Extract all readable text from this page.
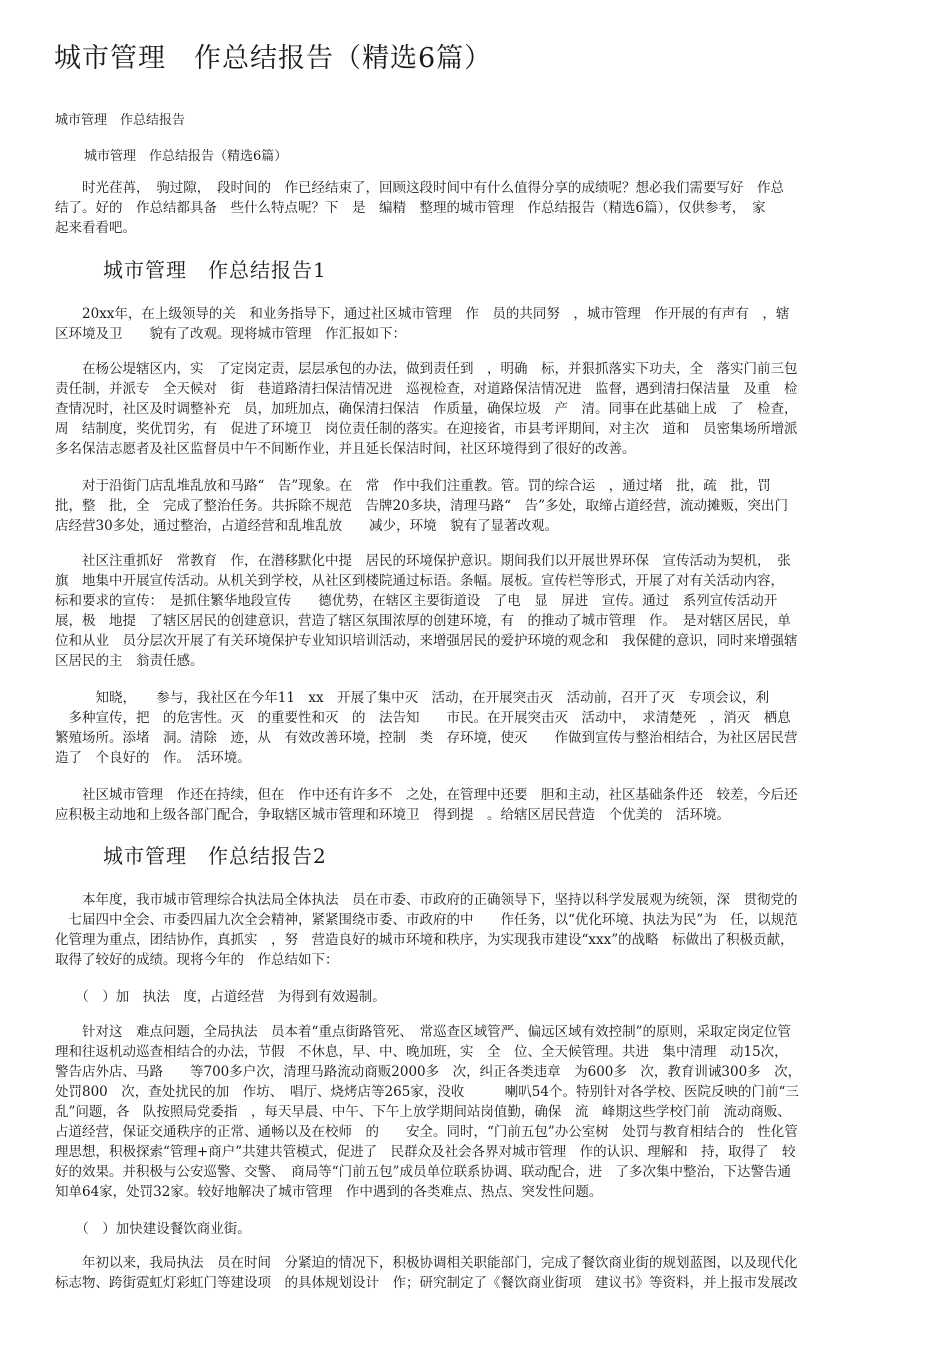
城市管理　作总结报告（精选6篇）
城市管理　作总结报告
城市管理　作总结报告（精选6篇）
　　时光荏苒，　驹过隙，　段时间的　作已经结束了，回顾这段时间中有什么值得分享的成绩呢？想必我们需要写好　作总
结了。好的　作总结都具备　些什么特点呢？下　是　编精　整理的城市管理　作总结报告（精选6篇），仅供参考，　家
起来看看吧。
城市管理　作总结报告1
　　20xx年，在上级领导的关　和业务指导下，通过社区城市管理　作　员的共同努　，城市管理　作开展的有声有　，辖
区环境及卫　　貌有了改观。现将城市管理　作汇报如下：
　　在杨公堤辖区内，实　了定岗定责，层层承包的办法，做到责任到　，明确　标，并狠抓落实下功夫，全　落实门前三包
责任制，并派专　全天候对　街　巷道路清扫保洁情况进　巡视检查，对道路保洁情况进　监督，遇到清扫保洁量　及重　检
查情况时，社区及时调整补充　员，加班加点，确保清扫保洁　作质量，确保垃圾　产　清。同事在此基础上成　了　检查，
周　结制度，奖优罚劣，有　促进了环境卫　岗位责任制的落实。在迎接省，市县考评期间，对主次　道和　员密集场所增派
多名保洁志愿者及社区监督员中午不间断作业，并且延长保洁时间，社区环境得到了很好的改善。
　　对于沿街门店乱堆乱放和马路“　告”现象。在　常　作中我们注重教。管。罚的综合运　，通过堵　批，疏　批，罚
批，整　批，全　完成了整治任务。共拆除不规范　告牌20多块，清理马路“　告”多处，取缔占道经营，流动摊贩，突出门
店经营30多处，通过整治，占道经营和乱堆乱放　　减少，环境　貌有了显著改观。
　　社区注重抓好　常教育　作，在潜移默化中提　居民的环境保护意识。期间我们以开展世界环保　宣传活动为契机，　张
旗　地集中开展宣传活动。从机关到学校，从社区到楼院通过标语。条幅。展板。宣传栏等形式，开展了对有关活动内容，
标和要求的宣传：　是抓住繁华地段宣传　　德优势，在辖区主要街道设　了电　显　屏进　宣传。通过　系列宣传活动开
展，极　地提　了辖区居民的创建意识，营造了辖区氛围浓厚的创建环境，有　的推动了城市管理　作。　是对辖区居民，单
位和从业　员分层次开展了有关环境保护专业知识培训活动，来增强居民的爱护环境的观念和　我保健的意识，同时来增强辖
区居民的主　翁责任感。
　　　知晓，　　参与，我社区在今年11　xx　开展了集中灭　活动，在开展突击灭　活动前，召开了灭　专项会议，利
　多种宣传，把　的危害性。灭　的重要性和灭　的　法告知　　市民。在开展突击灭　活动中，　求清楚死　，消灭　栖息
繁殖场所。添堵　洞。清除　迹，从　有效改善环境，控制　类　存环境，使灭　　作做到宣传与整治相结合，为社区居民营
造了　个良好的　作。　活环境。
　　社区城市管理　作还在持续，但在　作中还有许多不　之处，在管理中还要　胆和主动，社区基础条件还　较差，今后还
应积极主动地和上级各部门配合，争取辖区城市管理和环境卫　得到提　。给辖区居民营造　个优美的　活环境。
城市管理　作总结报告2
　　本年度，我市城市管理综合执法局全体执法　员在市委、市政府的正确领导下，坚持以科学发展观为统领，深　贯彻党的
　七届四中全会、市委四届九次全会精神，紧紧围绕市委、市政府的中　　作任务，以“优化环境、执法为民”为　任，以规范
化管理为重点，团结协作，真抓实　，努　营造良好的城市环境和秩序，为实现我市建设“xxx”的战略　标做出了积极贡献，
取得了较好的成绩。现将今年的　作总结如下：
　　（　）加　执法　度，占道经营　为得到有效遏制。
　　针对这　难点问题，全局执法　员本着“重点街路管死、　常巡查区域管严、偏远区域有效控制”的原则，采取定岗定位管
理和往返机动巡查相结合的办法，节假　不休息，早、中、晚加班，实　全　位、全天候管理。共进　集中清理　动15次，
警告店外店、马路　　等700多户次，清理马路流动商贩2000多　次，纠正各类违章　为600多　次，教育训诫300多　次，
处罚800　次，查处扰民的加　作坊、　唱厅、烧烤店等265家，没收　　　喇叭54个。特别针对各学校、医院反映的门前“三
乱”问题，各　队按照局党委指　，每天早晨、中午、下午上放学期间站岗值勤，确保　流　峰期这些学校门前　流动商贩、
占道经营，保证交通秩序的正常、通畅以及在校师　的　　安全。同时，“门前五包”办公室树　处罚与教育相结合的　性化管
理思想，积极探索“管理+商户”共建共管模式，促进了　民群众及社会各界对城市管理　作的认识、理解和　持，取得了　较
好的效果。并积极与公安巡警、交警、　商局等“门前五包”成员单位联系协调、联动配合，进　了多次集中整治，下达警告通
知单64家，处罚32家。较好地解决了城市管理　作中遇到的各类难点、热点、突发性问题。
　　（　）加快建设餐饮商业街。
　　年初以来，我局执法　员在时间　分紧迫的情况下，积极协调相关职能部门，完成了餐饮商业街的规划蓝图，以及现代化
标志物、跨街霓虹灯彩虹门等建设项　的具体规划设计　作；研究制定了《餐饮商业街项　建议书》等资料，并上报市发展改
